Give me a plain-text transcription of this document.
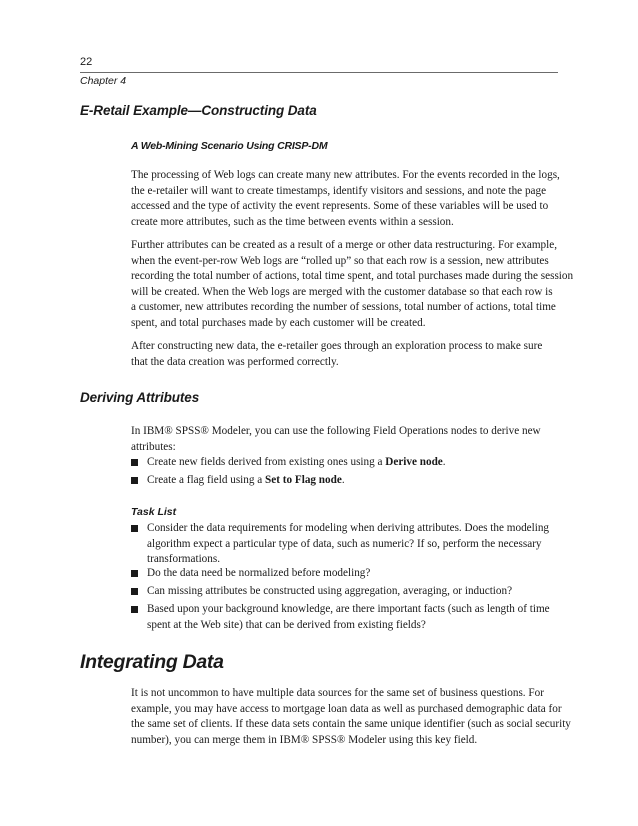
22
Chapter 4
E-Retail Example—Constructing Data
A Web-Mining Scenario Using CRISP-DM
The processing of Web logs can create many new attributes. For the events recorded in the logs,
the e-retailer will want to create timestamps, identify visitors and sessions, and note the page
accessed and the type of activity the event represents. Some of these variables will be used to
create more attributes, such as the time between events within a session.
Further attributes can be created as a result of a merge or other data restructuring. For example,
when the event-per-row Web logs are “rolled up” so that each row is a session, new attributes
recording the total number of actions, total time spent, and total purchases made during the session
will be created. When the Web logs are merged with the customer database so that each row is
a customer, new attributes recording the number of sessions, total number of actions, total time
spent, and total purchases made by each customer will be created.
After constructing new data, the e-retailer goes through an exploration process to make sure
that the data creation was performed correctly.
Deriving Attributes
In IBM® SPSS® Modeler, you can use the following Field Operations nodes to derive new
attributes:
Create new fields derived from existing ones using a Derive node.
Create a flag field using a Set to Flag node.
Task List
Consider the data requirements for modeling when deriving attributes. Does the modeling
algorithm expect a particular type of data, such as numeric? If so, perform the necessary
transformations.
Do the data need be normalized before modeling?
Can missing attributes be constructed using aggregation, averaging, or induction?
Based upon your background knowledge, are there important facts (such as length of time
spent at the Web site) that can be derived from existing fields?
Integrating Data
It is not uncommon to have multiple data sources for the same set of business questions. For
example, you may have access to mortgage loan data as well as purchased demographic data for
the same set of clients. If these data sets contain the same unique identifier (such as social security
number), you can merge them in IBM® SPSS® Modeler using this key field.
